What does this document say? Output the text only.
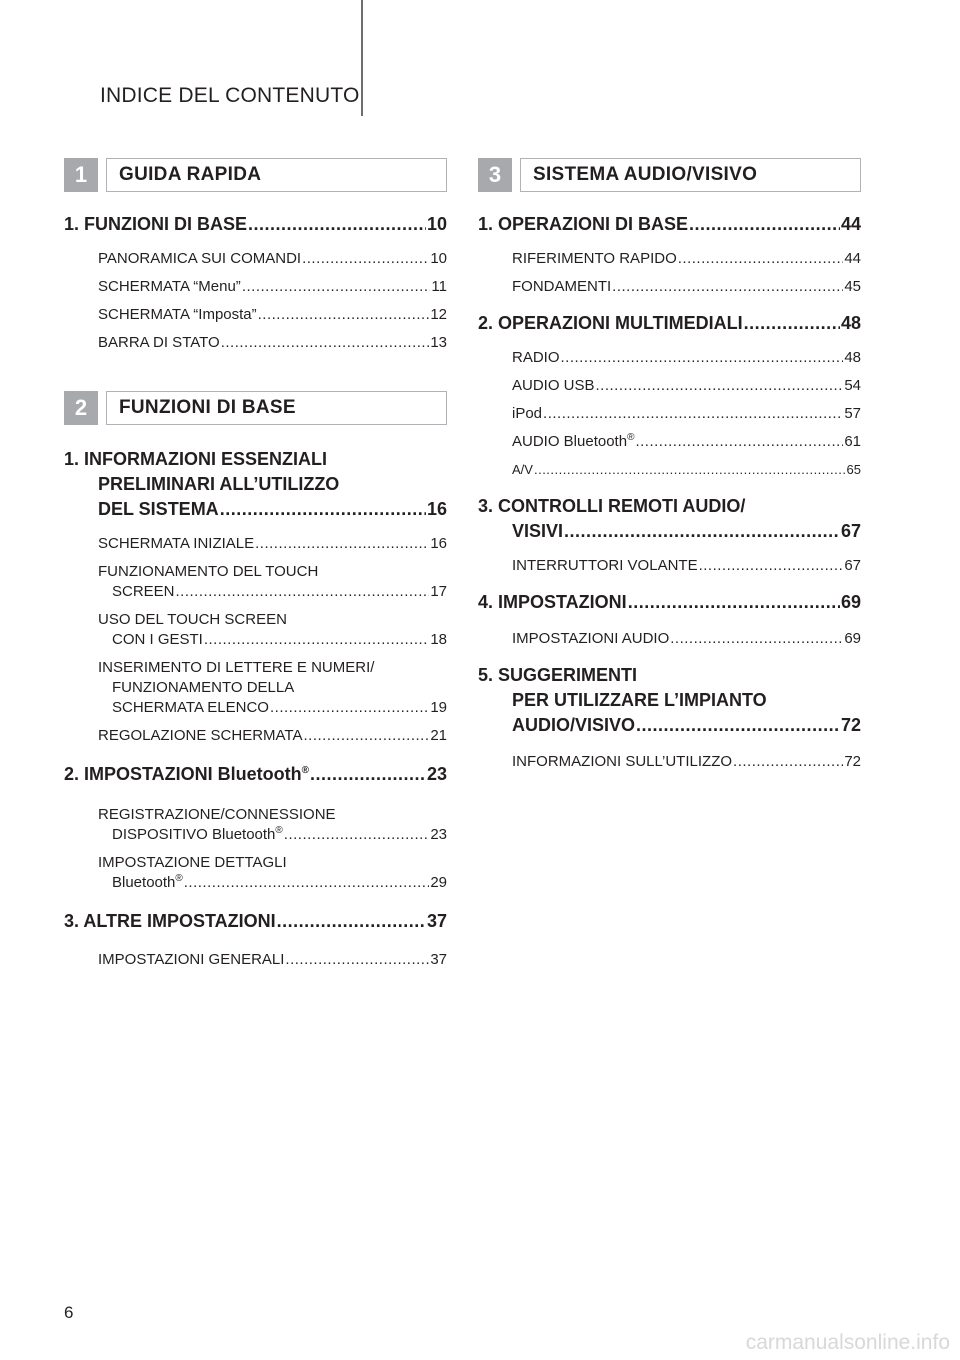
INDICE DEL CONTENUTO
1	GUIDA RAPIDA
1. FUNZIONI DI BASE .....	10
PANORAMICA SUI COMANDI .....	10
SCHERMATA “Menu” .....	11
SCHERMATA “Imposta” .....	12
BARRA DI STATO .....	13
2	FUNZIONI DI BASE
1. INFORMAZIONI ESSENZIALI
PRELIMINARI ALL’UTILIZZO
DEL SISTEMA .....	16
SCHERMATA INIZIALE .....	16
FUNZIONAMENTO DEL TOUCH
SCREEN .....	17
USO DEL TOUCH SCREEN
CON I GESTI .....	18
INSERIMENTO DI LETTERE E NUMERI/
FUNZIONAMENTO DELLA
SCHERMATA ELENCO .....	19
REGOLAZIONE SCHERMATA .....	21
2. IMPOSTAZIONI Bluetooth® .....	23
REGISTRAZIONE/CONNESSIONE
DISPOSITIVO Bluetooth® .....	23
IMPOSTAZIONE DETTAGLI
Bluetooth® .....	29
3. ALTRE IMPOSTAZIONI .....	37
IMPOSTAZIONI GENERALI .....	37
3	SISTEMA AUDIO/VISIVO
1. OPERAZIONI DI BASE .....	44
RIFERIMENTO RAPIDO .....	44
FONDAMENTI .....	45
2. OPERAZIONI MULTIMEDIALI .....	48
RADIO .....	48
AUDIO USB .....	54
iPod .....	57
AUDIO Bluetooth® .....	61
A/V .....	65
3. CONTROLLI REMOTI AUDIO/
VISIVI .....	67
INTERRUTTORI VOLANTE .....	67
4. IMPOSTAZIONI .....	69
IMPOSTAZIONI AUDIO .....	69
5. SUGGERIMENTI
PER UTILIZZARE L’IMPIANTO
AUDIO/VISIVO .....	72
INFORMAZIONI SULL’UTILIZZO .....	72
6
carmanualsonline.info
